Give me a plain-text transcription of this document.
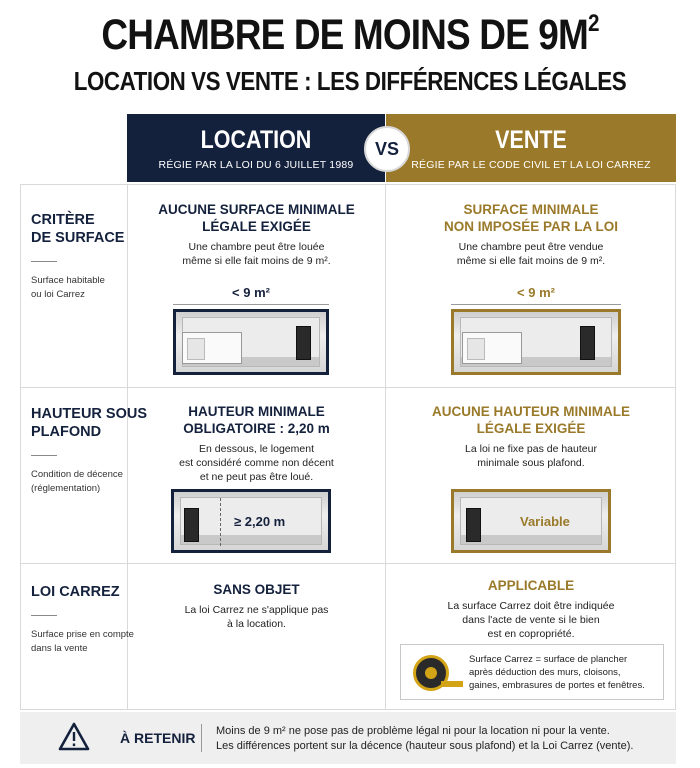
CHAMBRE DE MOINS DE $9M^2$
LOCATION VS VENTE : LES DIFFÉRENCES LÉGALES
LOCATION
RÉGIE PAR LA LOI DU 6 JUILLET 1989
VENTE
RÉGIE PAR LE CODE CIVIL ET LA LOI CARREZ
VS
CRITÈRE
DE SURFACE
Surface habitable
ou loi Carrez
HAUTEUR SOUS
PLAFOND
Condition de décence
(réglementation)
LOI CARREZ
Surface prise en compte
dans la vente
AUCUNE SURFACE MINIMALE
LÉGALE EXIGÉE
Une chambre peut être louée
même si elle fait moins de 9 m².
< 9 m²
SURFACE MINIMALE
NON IMPOSÉE PAR LA LOI
Une chambre peut être vendue
même si elle fait moins de 9 m².
< 9 m²
HAUTEUR MINIMALE
OBLIGATOIRE : 2,20 m
En dessous, le logement
est considéré comme non décent
et ne peut pas être loué.
≥ 2,20 m
AUCUNE HAUTEUR MINIMALE
LÉGALE EXIGÉE
La loi ne fixe pas de hauteur
minimale sous plafond.
Variable
SANS OBJET
La loi Carrez ne s'applique pas
à la location.
APPLICABLE
La surface Carrez doit être indiquée
dans l'acte de vente si le bien
est en copropriété.
Surface Carrez = surface de plancher
après déduction des murs, cloisons,
gaines, embrasures de portes et fenêtres.
À RETENIR Moins de 9 m² ne pose pas de problème légal ni pour la location ni pour la vente.
Les différences portent sur la décence (hauteur sous plafond) et la Loi Carrez (vente).
